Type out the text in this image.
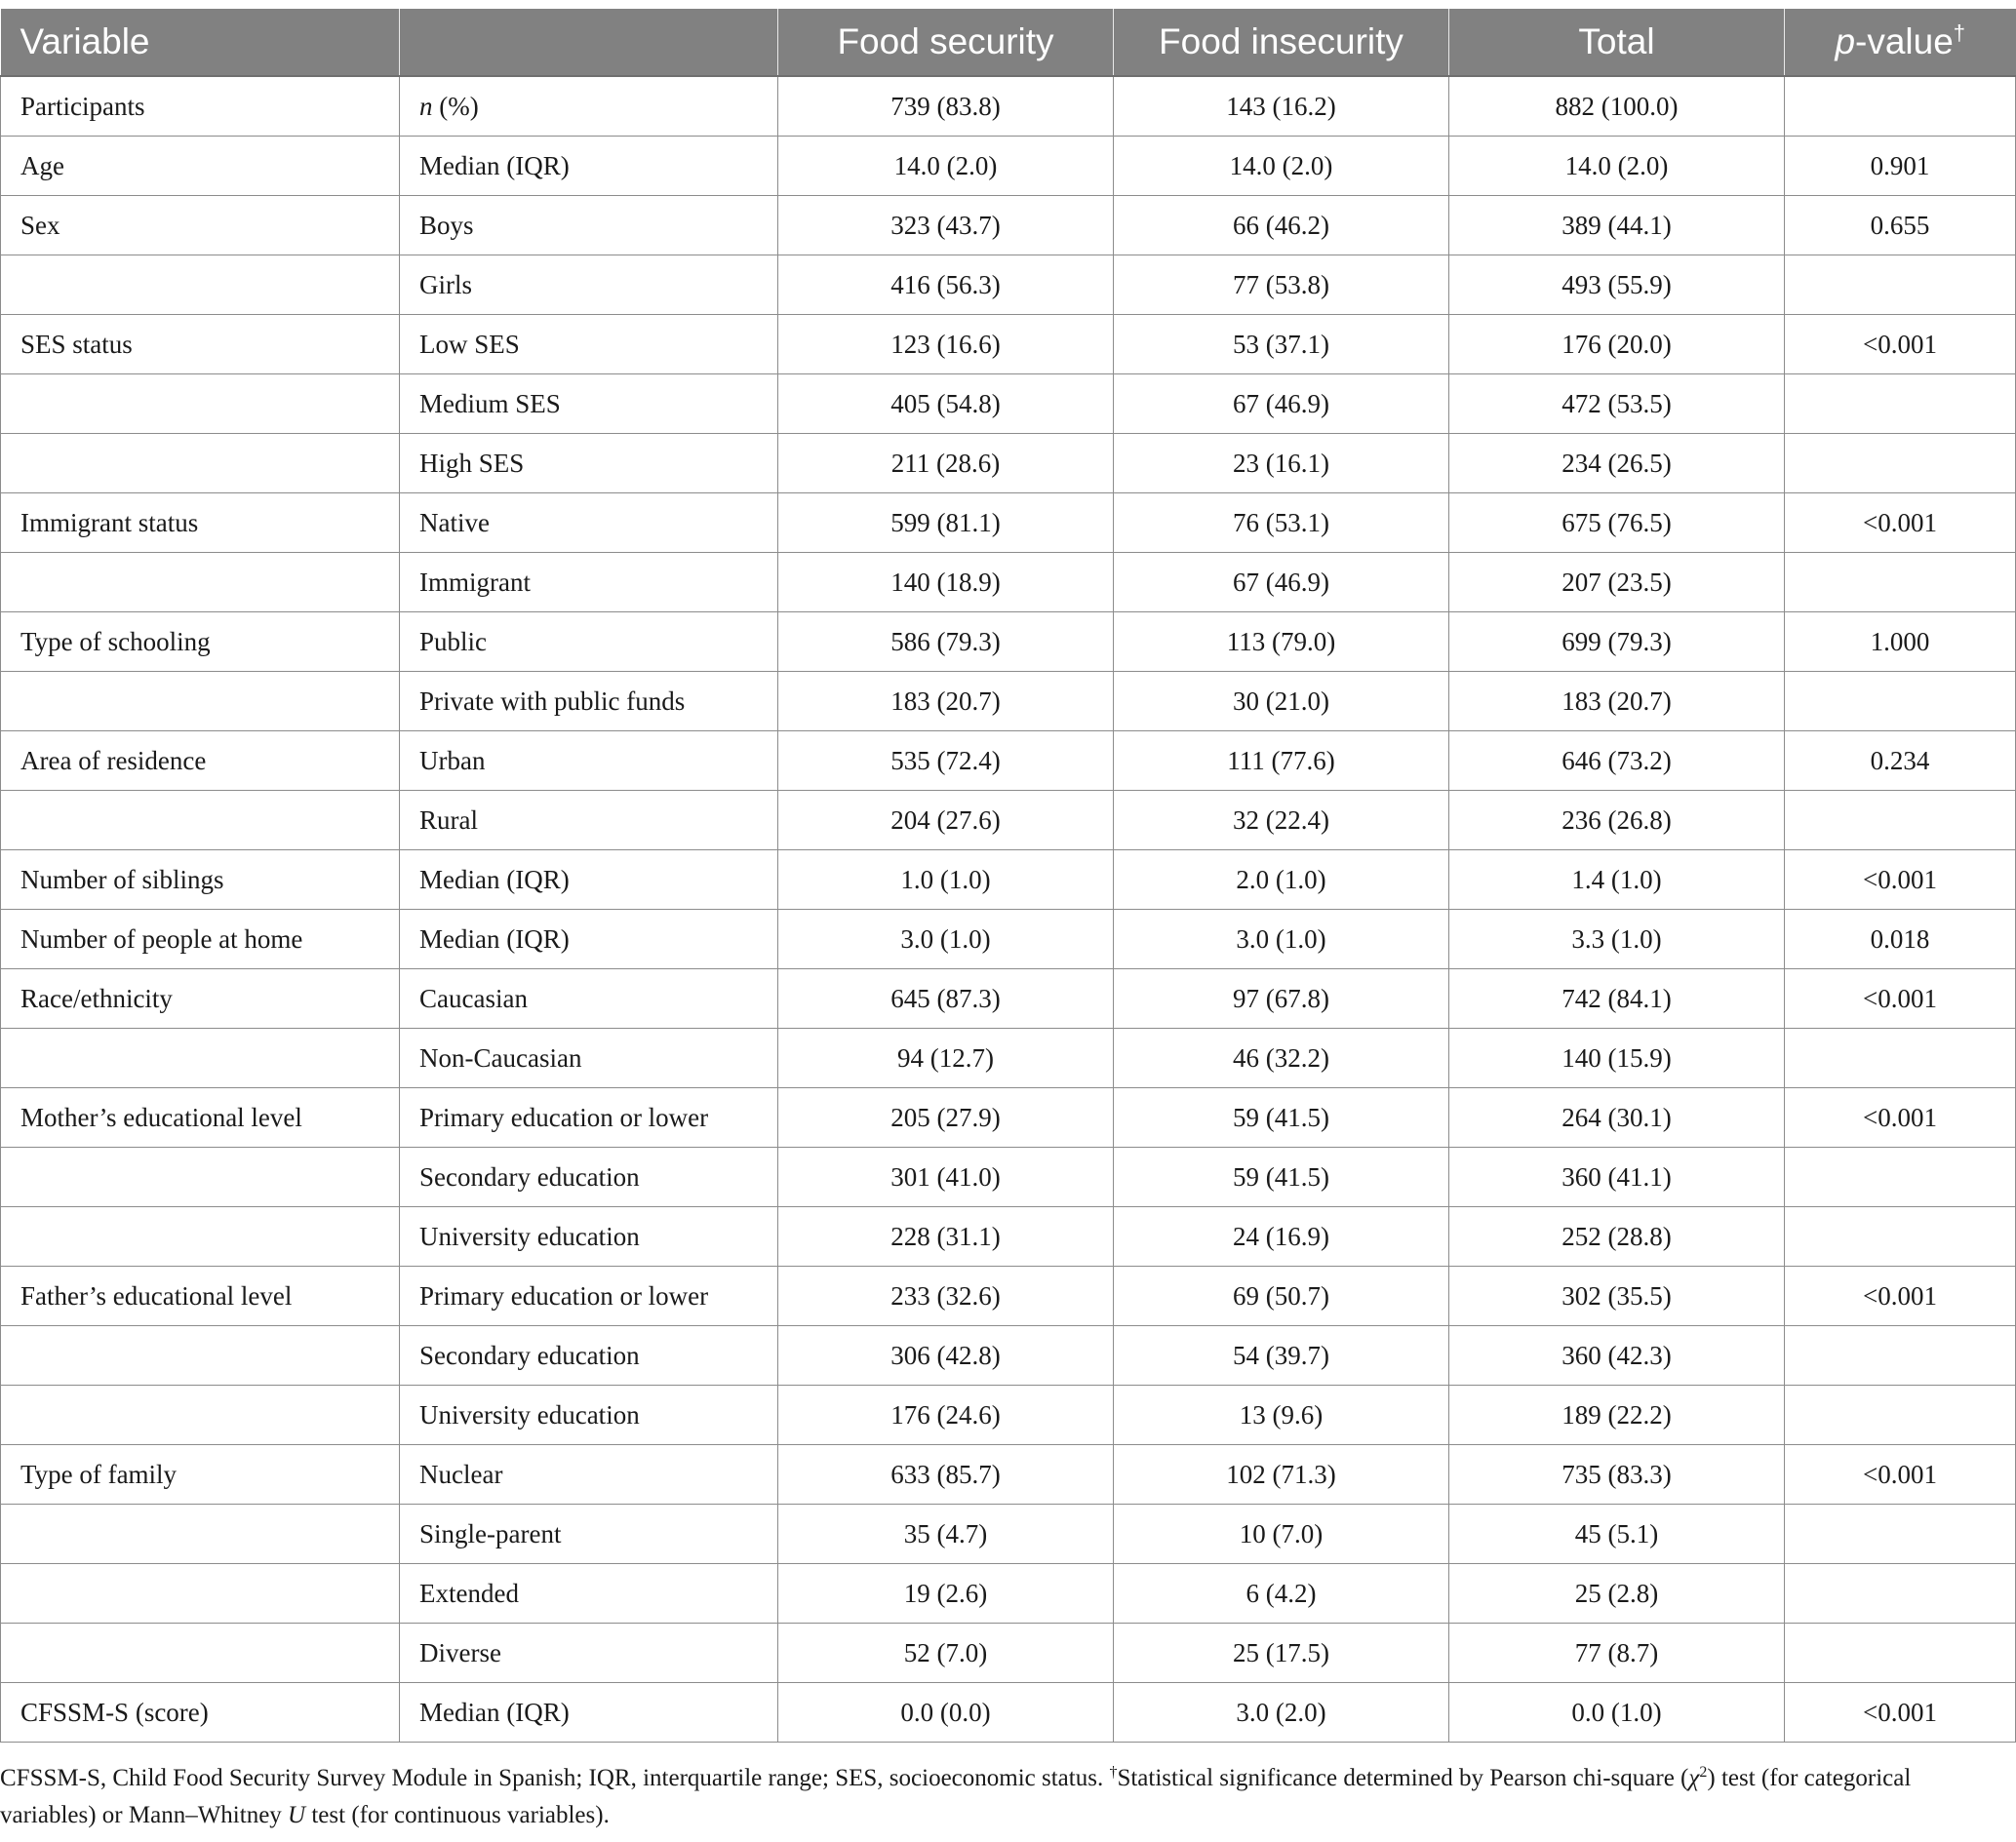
Variable		Food security	Food insecurity	Total	p-value†
Participants	n (%)	739 (83.8)	143 (16.2)	882 (100.0)	
Age	Median (IQR)	14.0 (2.0)	14.0 (2.0)	14.0 (2.0)	0.901
Sex	Boys	323 (43.7)	66 (46.2)	389 (44.1)	0.655
	Girls	416 (56.3)	77 (53.8)	493 (55.9)	
SES status	Low SES	123 (16.6)	53 (37.1)	176 (20.0)	<0.001
	Medium SES	405 (54.8)	67 (46.9)	472 (53.5)	
	High SES	211 (28.6)	23 (16.1)	234 (26.5)	
Immigrant status	Native	599 (81.1)	76 (53.1)	675 (76.5)	<0.001
	Immigrant	140 (18.9)	67 (46.9)	207 (23.5)	
Type of schooling	Public	586 (79.3)	113 (79.0)	699 (79.3)	1.000
	Private with public funds	183 (20.7)	30 (21.0)	183 (20.7)	
Area of residence	Urban	535 (72.4)	111 (77.6)	646 (73.2)	0.234
	Rural	204 (27.6)	32 (22.4)	236 (26.8)	
Number of siblings	Median (IQR)	1.0 (1.0)	2.0 (1.0)	1.4 (1.0)	<0.001
Number of people at home	Median (IQR)	3.0 (1.0)	3.0 (1.0)	3.3 (1.0)	0.018
Race/ethnicity	Caucasian	645 (87.3)	97 (67.8)	742 (84.1)	<0.001
	Non-Caucasian	94 (12.7)	46 (32.2)	140 (15.9)	
Mother’s educational level	Primary education or lower	205 (27.9)	59 (41.5)	264 (30.1)	<0.001
	Secondary education	301 (41.0)	59 (41.5)	360 (41.1)	
	University education	228 (31.1)	24 (16.9)	252 (28.8)	
Father’s educational level	Primary education or lower	233 (32.6)	69 (50.7)	302 (35.5)	<0.001
	Secondary education	306 (42.8)	54 (39.7)	360 (42.3)	
	University education	176 (24.6)	13 (9.6)	189 (22.2)	
Type of family	Nuclear	633 (85.7)	102 (71.3)	735 (83.3)	<0.001
	Single-parent	35 (4.7)	10 (7.0)	45 (5.1)	
	Extended	19 (2.6)	6 (4.2)	25 (2.8)	
	Diverse	52 (7.0)	25 (17.5)	77 (8.7)	
CFSSM-S (score)	Median (IQR)	0.0 (0.0)	3.0 (2.0)	0.0 (1.0)	<0.001
CFSSM-S, Child Food Security Survey Module in Spanish; IQR, interquartile range; SES, socioeconomic status. †Statistical significance determined by Pearson chi-square $(\chi^2)$ test (for categorical variables) or Mann–Whitney U test (for continuous variables).
